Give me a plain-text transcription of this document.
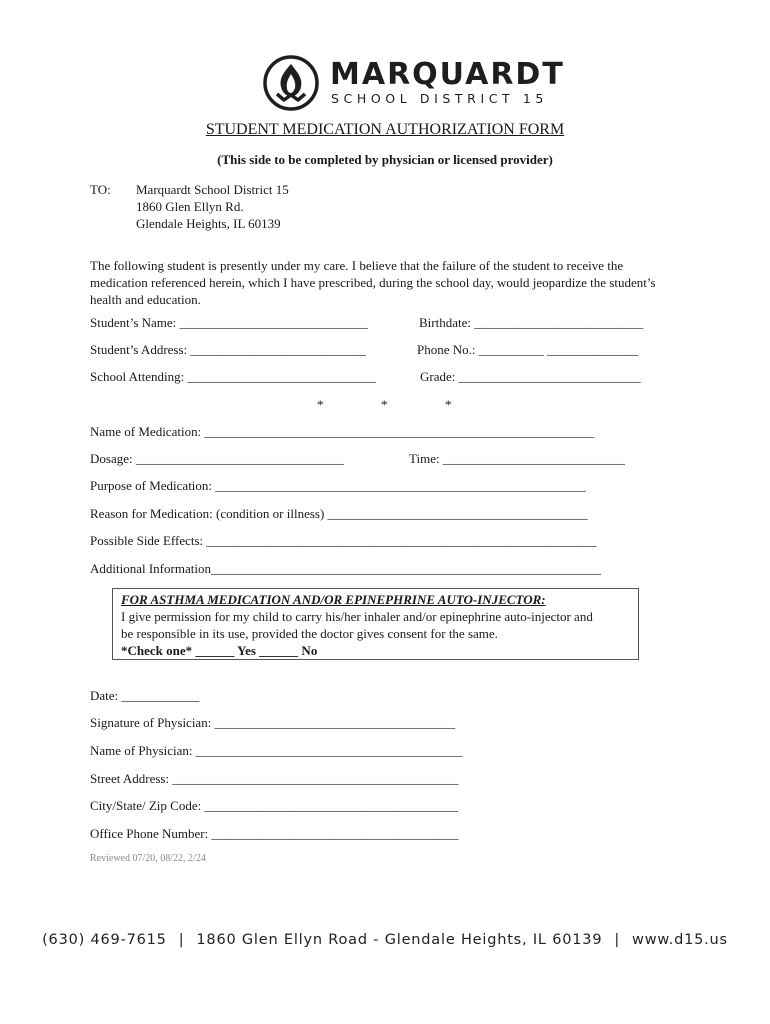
MARQUARDT
SCHOOL DISTRICT 15
STUDENT MEDICATION AUTHORIZATION FORM
(This side to be completed by physician or licensed provider)
TO: Marquardt School District 15
1860 Glen Ellyn Rd.
Glendale Heights, IL 60139
The following student is presently under my care. I believe that the failure of the student to receive the medication referenced herein, which I have prescribed, during the school day, would jeopardize the student’s health and education.
Student’s Name: _____________________________	Birthdate: __________________________
Student’s Address: ___________________________	Phone No.: __________ ______________
School Attending: _____________________________	Grade: ____________________________
*	*	*
Name of Medication: ____________________________________________________________
Dosage: ________________________________	Time: ____________________________
Purpose of Medication: _________________________________________________________
Reason for Medication: (condition or illness) ________________________________________
Possible Side Effects: ____________________________________________________________
Additional Information____________________________________________________________
FOR ASTHMA MEDICATION AND/OR EPINEPHRINE AUTO-INJECTOR:
I give permission for my child to carry his/her inhaler and/or epinephrine auto-injector and
be responsible in its use, provided the doctor gives consent for the same.
*Check one* ______ Yes ______ No
Date: ____________
Signature of Physician: _____________________________________
Name of Physician: _________________________________________
Street Address: ____________________________________________
City/State/ Zip Code: _______________________________________
Office Phone Number: ______________________________________
Reviewed 07/20, 08/22, 2/24
(630) 469-7615 | 1860 Glen Ellyn Road - Glendale Heights, IL 60139 | www.d15.us
